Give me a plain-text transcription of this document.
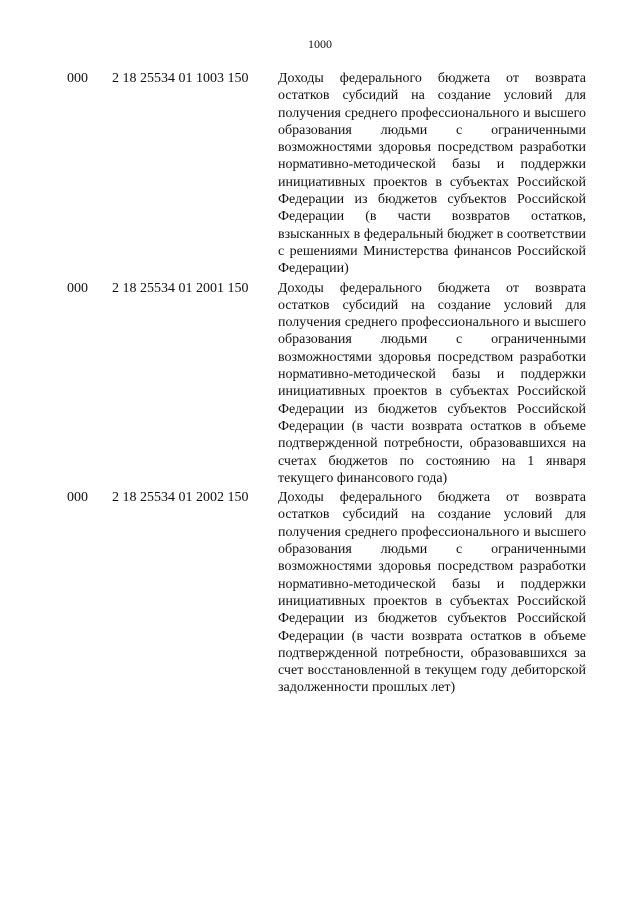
1000
000 2 18 25534 01 1003 150 Доходы федерального бюджета от возврата остатков субсидий на создание условий для получения среднего профессионального и высшего образования людьми с ограниченными возможностями здоровья посредством разработки нормативно-методической базы и поддержки инициативных проектов в субъектах Российской Федерации из бюджетов субъектов Российской Федерации (в части возвратов остатков, взысканных в федеральный бюджет в соответствии с решениями Министерства финансов Российской Федерации)
000 2 18 25534 01 2001 150 Доходы федерального бюджета от возврата остатков субсидий на создание условий для получения среднего профессионального и высшего образования людьми с ограниченными возможностями здоровья посредством разработки нормативно-методической базы и поддержки инициативных проектов в субъектах Российской Федерации из бюджетов субъектов Российской Федерации (в части возврата остатков в объеме подтвержденной потребности, образовавшихся на счетах бюджетов по состоянию на 1 января текущего финансового года)
000 2 18 25534 01 2002 150 Доходы федерального бюджета от возврата остатков субсидий на создание условий для получения среднего профессионального и высшего образования людьми с ограниченными возможностями здоровья посредством разработки нормативно-методической базы и поддержки инициативных проектов в субъектах Российской Федерации из бюджетов субъектов Российской Федерации (в части возврата остатков в объеме подтвержденной потребности, образовавшихся за счет восстановленной в текущем году дебиторской задолженности прошлых лет)
